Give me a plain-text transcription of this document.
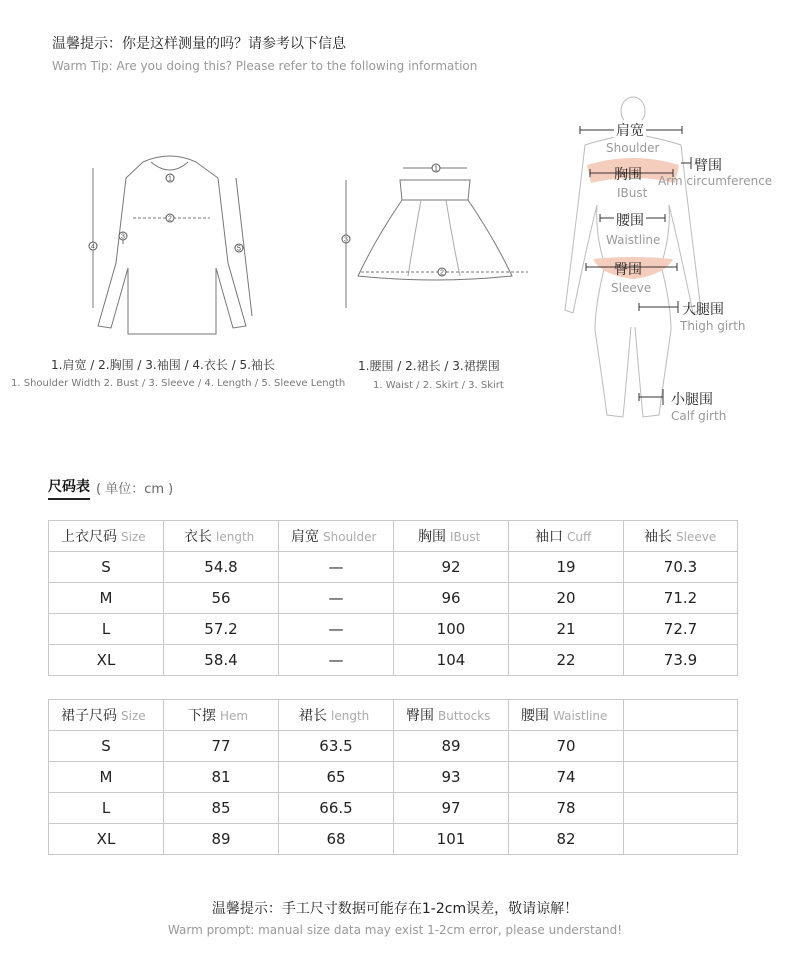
温馨提示：你是这样测量的吗？请参考以下信息
Warm Tip: Are you doing this? Please refer to the following information
1
2
3
4	5
1.肩宽 / 2.胸围 / 3.袖围 / 4.衣长 / 5.袖长
1. Shoulder Width 2. Bust / 3. Sleeve / 4. Length / 5. Sleeve Length
1
2
3
1.腰围 / 2.裙长 / 3.裙摆围
1. Waist / 2. Skirt / 3. Skirt
肩宽
Shoulder
胸围
IBust
臂围
Arm circumference
腰围
Waistline
臀围
Sleeve
大腿围
Thigh girth
小腿围
Calf girth
尺码表 ( 单位：cm )
上衣尺码 Size	衣长 length	肩宽 Shoulder	胸围 IBust	袖口 Cuff	袖长 Sleeve
S	54.8	—	92	19	70.3
M	56	—	96	20	71.2
L	57.2	—	100	21	72.7
XL	58.4	—	104	22	73.9
裙子尺码 Size	下摆 Hem	裙长 length	臀围 Buttocks	腰围 Waistline	
S	77	63.5	89	70	
M	81	65	93	74	
L	85	66.5	97	78	
XL	89	68	101	82	
温馨提示：手工尺寸数据可能存在1-2cm误差，敬请谅解！
Warm prompt: manual size data may exist 1-2cm error, please understand!
